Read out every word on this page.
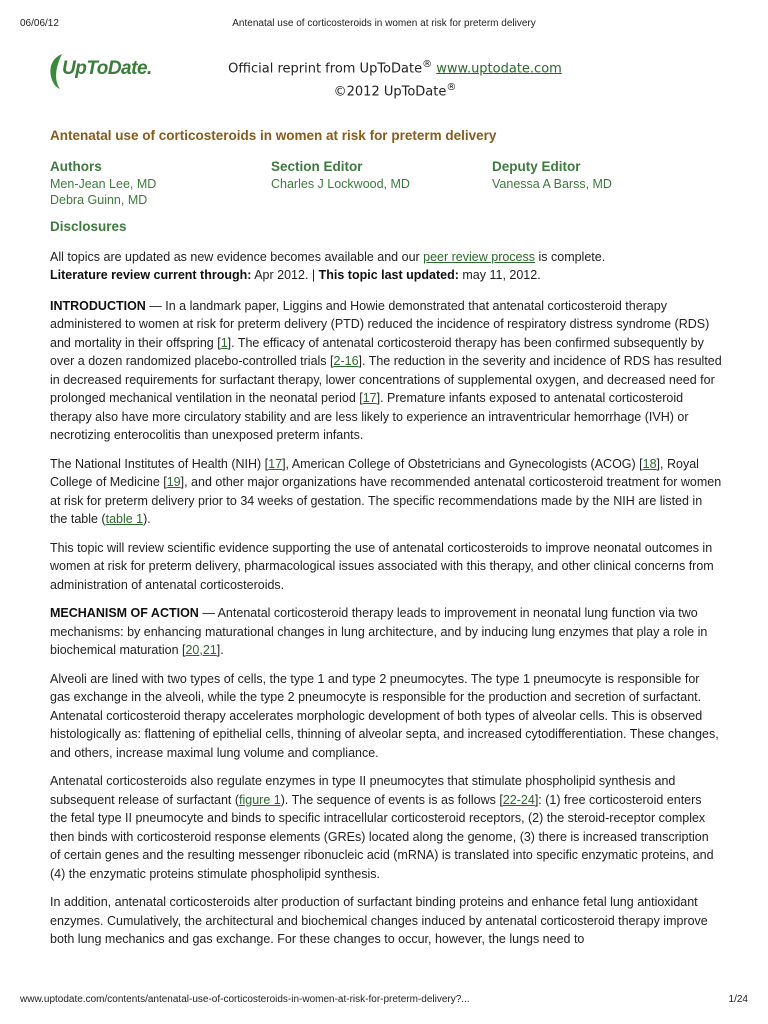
06/06/12	Antenatal use of corticosteroids in women at risk for preterm delivery
UpToDate.	Official reprint from UpToDate® www.uptodate.com
©2012 UpToDate®
Antenatal use of corticosteroids in women at risk for preterm delivery
Authors
Men-Jean Lee, MD
Debra Guinn, MD
Section Editor
Charles J Lockwood, MD
Deputy Editor
Vanessa A Barss, MD
Disclosures

All topics are updated as new evidence becomes available and our peer review process is complete.
Literature review current through: Apr 2012. | This topic last updated: may 11, 2012.

INTRODUCTION — In a landmark paper, Liggins and Howie demonstrated that antenatal corticosteroid therapy administered to women at risk for preterm delivery (PTD) reduced the incidence of respiratory distress syndrome (RDS) and mortality in their offspring [1]. The efficacy of antenatal corticosteroid therapy has been confirmed subsequently by over a dozen randomized placebo-controlled trials [2-16]. The reduction in the severity and incidence of RDS has resulted in decreased requirements for surfactant therapy, lower concentrations of supplemental oxygen, and decreased need for prolonged mechanical ventilation in the neonatal period [17]. Premature infants exposed to antenatal corticosteroid therapy also have more circulatory stability and are less likely to experience an intraventricular hemorrhage (IVH) or necrotizing enterocolitis than unexposed preterm infants.

The National Institutes of Health (NIH) [17], American College of Obstetricians and Gynecologists (ACOG) [18], Royal College of Medicine [19], and other major organizations have recommended antenatal corticosteroid treatment for women at risk for preterm delivery prior to 34 weeks of gestation. The specific recommendations made by the NIH are listed in the table (table 1).

This topic will review scientific evidence supporting the use of antenatal corticosteroids to improve neonatal outcomes in women at risk for preterm delivery, pharmacological issues associated with this therapy, and other clinical concerns from administration of antenatal corticosteroids.

MECHANISM OF ACTION — Antenatal corticosteroid therapy leads to improvement in neonatal lung function via two mechanisms: by enhancing maturational changes in lung architecture, and by inducing lung enzymes that play a role in biochemical maturation [20,21].

Alveoli are lined with two types of cells, the type 1 and type 2 pneumocytes. The type 1 pneumocyte is responsible for gas exchange in the alveoli, while the type 2 pneumocyte is responsible for the production and secretion of surfactant. Antenatal corticosteroid therapy accelerates morphologic development of both types of alveolar cells. This is observed histologically as: flattening of epithelial cells, thinning of alveolar septa, and increased cytodifferentiation. These changes, and others, increase maximal lung volume and compliance.

Antenatal corticosteroids also regulate enzymes in type II pneumocytes that stimulate phospholipid synthesis and subsequent release of surfactant (figure 1). The sequence of events is as follows [22-24]: (1) free corticosteroid enters the fetal type II pneumocyte and binds to specific intracellular corticosteroid receptors, (2) the steroid-receptor complex then binds with corticosteroid response elements (GREs) located along the genome, (3) there is increased transcription of certain genes and the resulting messenger ribonucleic acid (mRNA) is translated into specific enzymatic proteins, and (4) the enzymatic proteins stimulate phospholipid synthesis.

In addition, antenatal corticosteroids alter production of surfactant binding proteins and enhance fetal lung antioxidant enzymes. Cumulatively, the architectural and biochemical changes induced by antenatal corticosteroid therapy improve both lung mechanics and gas exchange. For these changes to occur, however, the lungs need to

www.uptodate.com/contents/antenatal-use-of-corticosteroids-in-women-at-risk-for-preterm-delivery?...	1/24
